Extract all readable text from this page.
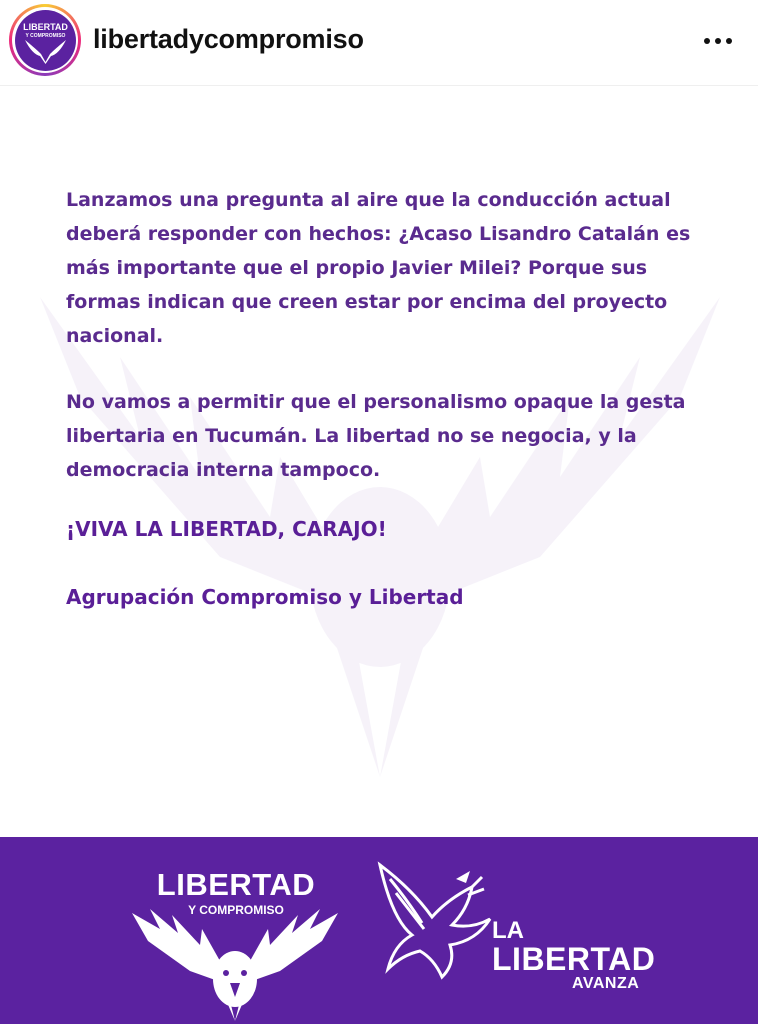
LIBERTAD
Y COMPROMISO libertadycompromiso

Lanzamos una pregunta al aire que la conducción actual deberá responder con hechos: ¿Acaso Lisandro Catalán es más importante que el propio Javier Milei? Porque sus formas indican que creen estar por encima del proyecto nacional.

No vamos a permitir que el personalismo opaque la gesta libertaria en Tucumán. La libertad no se negocia, y la democracia interna tampoco.

¡VIVA LA LIBERTAD, CARAJO!

Agrupación Compromiso y Libertad

LIBERTAD
Y COMPROMISO
LA
LIBERTAD
AVANZA
